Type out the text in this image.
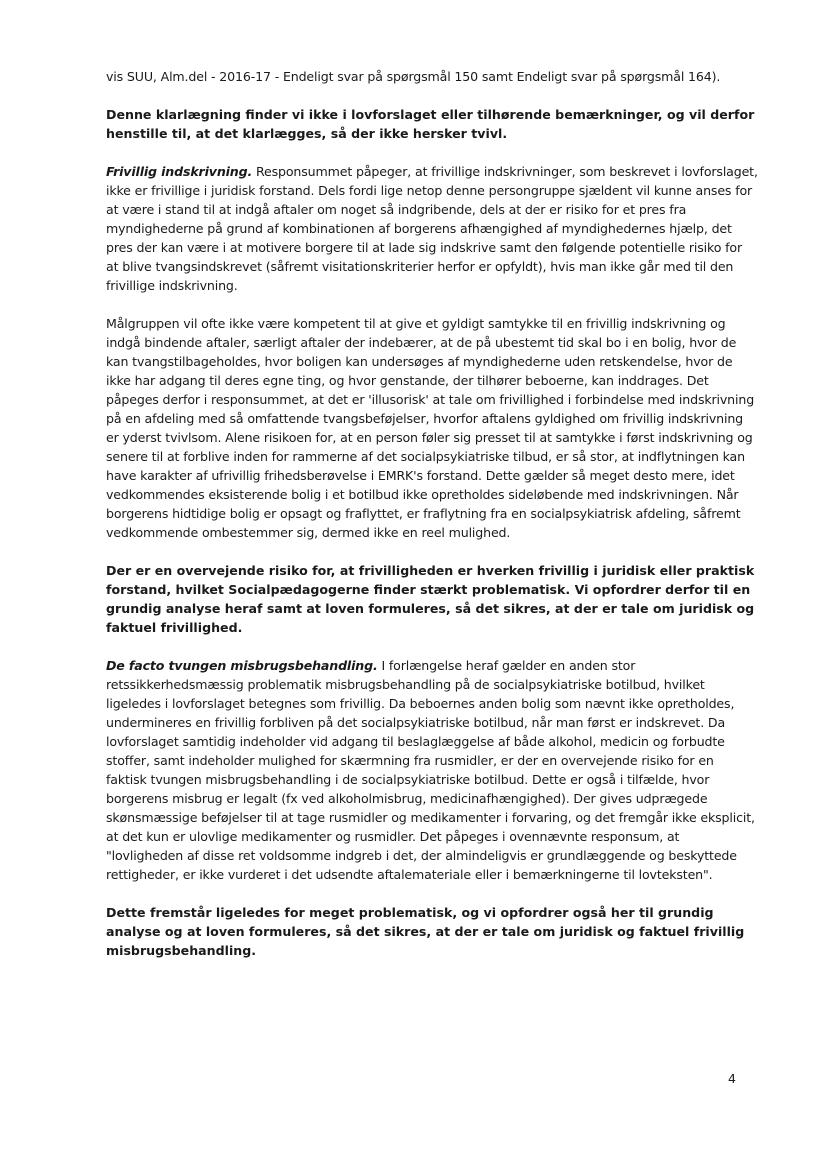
vis SUU, Alm.del - 2016-17 - Endeligt svar på spørgsmål 150 samt Endeligt svar på spørgsmål 164).

Denne klarlægning finder vi ikke i lovforslaget eller tilhørende bemærkninger, og vil derfor henstille til, at det klarlægges, så der ikke hersker tvivl.

Frivillig indskrivning. Responsummet påpeger, at frivillige indskrivninger, som beskrevet i lovforslaget, ikke er frivillige i juridisk forstand. Dels fordi lige netop denne persongruppe sjældent vil kunne anses for at være i stand til at indgå aftaler om noget så indgribende, dels at der er risiko for et pres fra myndighederne på grund af kombinationen af borgerens afhængighed af myndighedernes hjælp, det pres der kan være i at motivere borgere til at lade sig indskrive samt den følgende potentielle risiko for at blive tvangsindskrevet (såfremt visitationskriterier herfor er opfyldt), hvis man ikke går med til den frivillige indskrivning.

Målgruppen vil ofte ikke være kompetent til at give et gyldigt samtykke til en frivillig indskrivning og indgå bindende aftaler, særligt aftaler der indebærer, at de på ubestemt tid skal bo i en bolig, hvor de kan tvangstilbageholdes, hvor boligen kan undersøges af myndighederne uden retskendelse, hvor de ikke har adgang til deres egne ting, og hvor genstande, der tilhører beboerne, kan inddrages. Det påpeges derfor i responsummet, at det er 'illusorisk' at tale om frivillighed i forbindelse med indskrivning på en afdeling med så omfattende tvangsbeføjelser, hvorfor aftalens gyldighed om frivillig indskrivning er yderst tvivlsom. Alene risikoen for, at en person føler sig presset til at samtykke i først indskrivning og senere til at forblive inden for rammerne af det socialpsykiatriske tilbud, er så stor, at indflytningen kan have karakter af ufrivillig frihedsberøvelse i EMRK's forstand. Dette gælder så meget desto mere, idet vedkommendes eksisterende bolig i et botilbud ikke opretholdes sideløbende med indskrivningen. Når borgerens hidtidige bolig er opsagt og fraflyttet, er fraflytning fra en socialpsykiatrisk afdeling, såfremt vedkommende ombestemmer sig, dermed ikke en reel mulighed.

Der er en overvejende risiko for, at frivilligheden er hverken frivillig i juridisk eller praktisk forstand, hvilket Socialpædagogerne finder stærkt problematisk. Vi opfordrer derfor til en grundig analyse heraf samt at loven formuleres, så det sikres, at der er tale om juridisk og faktuel frivillighed.

De facto tvungen misbrugsbehandling. I forlængelse heraf gælder en anden stor retssikkerhedsmæssig problematik misbrugsbehandling på de socialpsykiatriske botilbud, hvilket ligeledes i lovforslaget betegnes som frivillig. Da beboernes anden bolig som nævnt ikke opretholdes, undermineres en frivillig forbliven på det socialpsykiatriske botilbud, når man først er indskrevet. Da lovforslaget samtidig indeholder vid adgang til beslaglæggelse af både alkohol, medicin og forbudte stoffer, samt indeholder mulighed for skærmning fra rusmidler, er der en overvejende risiko for en faktisk tvungen misbrugsbehandling i de socialpsykiatriske botilbud. Dette er også i tilfælde, hvor borgerens misbrug er legalt (fx ved alkoholmisbrug, medicinafhængighed). Der gives udprægede skønsmæssige beføjelser til at tage rusmidler og medikamenter i forvaring, og det fremgår ikke eksplicit, at det kun er ulovlige medikamenter og rusmidler. Det påpeges i ovennævnte responsum, at "lovligheden af disse ret voldsomme indgreb i det, der almindeligvis er grundlæggende og beskyttede rettigheder, er ikke vurderet i det udsendte aftalemateriale eller i bemærkningerne til lovteksten".

Dette fremstår ligeledes for meget problematisk, og vi opfordrer også her til grundig analyse og at loven formuleres, så det sikres, at der er tale om juridisk og faktuel frivillig misbrugsbehandling.

4
